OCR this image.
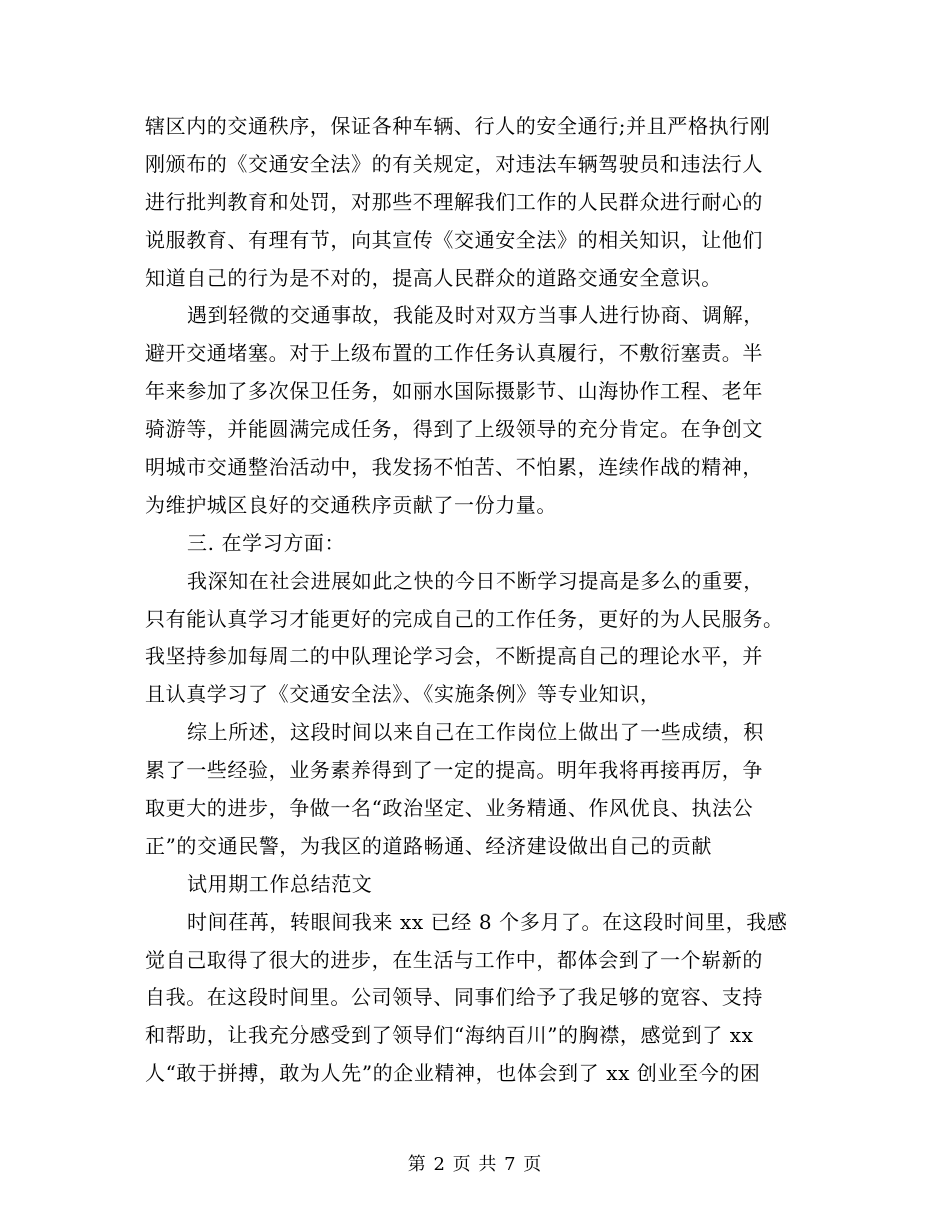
辖区内的交通秩序，保证各种车辆、行人的安全通行;并且严格执行刚
刚颁布的《交通安全法》的有关规定，对违法车辆驾驶员和违法行人
进行批判教育和处罚，对那些不理解我们工作的人民群众进行耐心的
说服教育、有理有节，向其宣传《交通安全法》的相关知识，让他们
知道自己的行为是不对的，提高人民群众的道路交通安全意识。
遇到轻微的交通事故，我能及时对双方当事人进行协商、调解，
避开交通堵塞。对于上级布置的工作任务认真履行，不敷衍塞责。半
年来参加了多次保卫任务，如丽水国际摄影节、山海协作工程、老年
骑游等，并能圆满完成任务，得到了上级领导的充分肯定。在争创文
明城市交通整治活动中，我发扬不怕苦、不怕累，连续作战的精神，
为维护城区良好的交通秩序贡献了一份力量。
三. 在学习方面：
我深知在社会进展如此之快的今日不断学习提高是多么的重要，
只有能认真学习才能更好的完成自己的工作任务，更好的为人民服务。
我坚持参加每周二的中队理论学习会，不断提高自己的理论水平，并
且认真学习了《交通安全法》、《实施条例》等专业知识，
综上所述，这段时间以来自己在工作岗位上做出了一些成绩，积
累了一些经验，业务素养得到了一定的提高。明年我将再接再厉，争
取更大的进步，争做一名“政治坚定、业务精通、作风优良、执法公
正”的交通民警，为我区的道路畅通、经济建设做出自己的贡献
试用期工作总结范文
时间荏苒，转眼间我来 xx 已经 8 个多月了。在这段时间里，我感
觉自己取得了很大的进步，在生活与工作中，都体会到了一个崭新的
自我。在这段时间里。公司领导、同事们给予了我足够的宽容、支持
和帮助，让我充分感受到了领导们“海纳百川”的胸襟，感觉到了 xx
人“敢于拼搏，敢为人先”的企业精神，也体会到了 xx 创业至今的困
第 2 页 共 7 页
